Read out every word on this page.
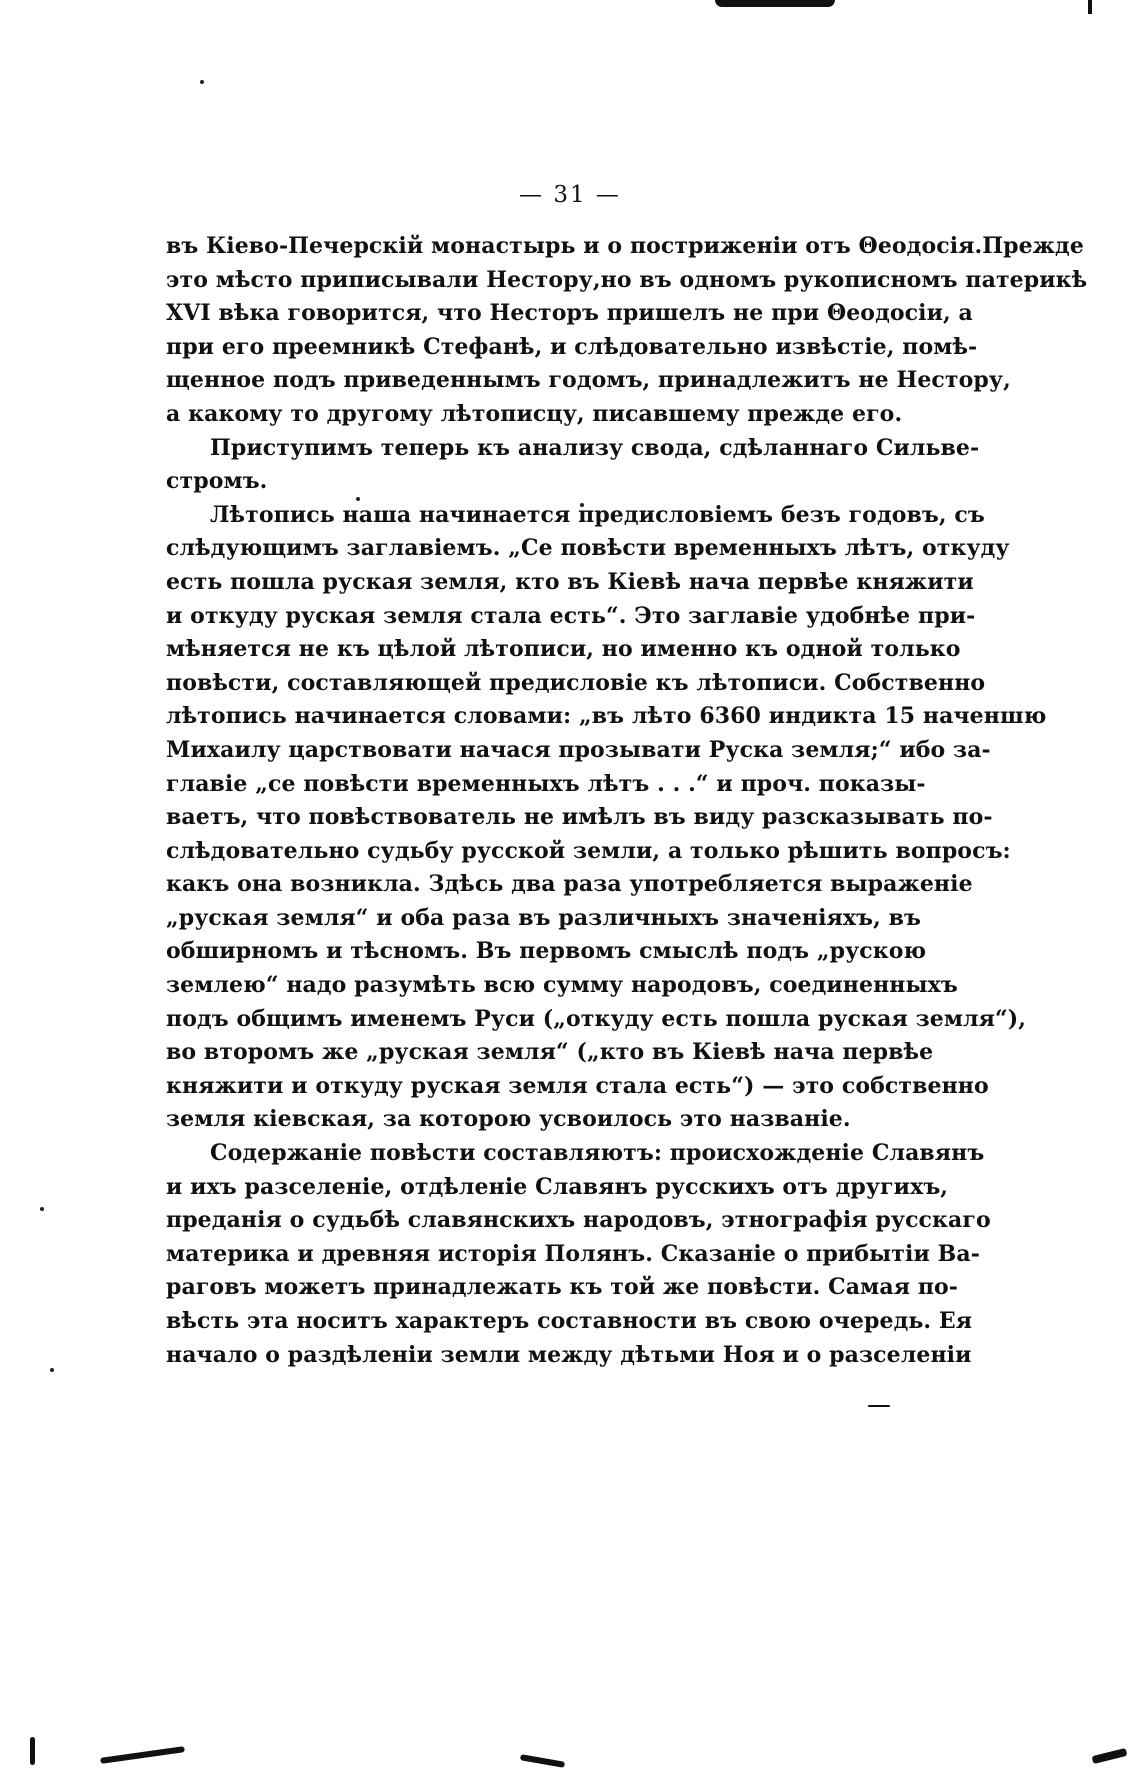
— 31 —
въ Кіево-Печерскій монастырь и о постриженіи отъ Θеодосія.Прежде
это мѣсто приписывали Нестору,но въ одномъ рукописномъ патерикѣ
XVI вѣка говорится, что Несторъ пришелъ не при Θеодосіи, а
при его преемникѣ Стефанѣ, и слѣдовательно извѣстіе, помѣ-
щенное подъ приведеннымъ годомъ, принадлежитъ не Нестору,
а какому то другому лѣтописцу, писавшему прежде его.
Приступимъ теперь къ анализу свода, сдѣланнаго Сильве-
стромъ.
Лѣтопись наша начинается предисловіемъ безъ годовъ, съ
слѣдующимъ заглавіемъ. „Се повѣсти временныхъ лѣтъ, откуду
есть пошла руская земля, кто въ Кіевѣ нача первѣе княжити
и откуду руская земля стала есть“. Это заглавіе удобнѣе при-
мѣняется не къ цѣлой лѣтописи, но именно къ одной только
повѣсти, составляющей предисловіе къ лѣтописи. Собственно
лѣтопись начинается словами: „въ лѣто 6360 индикта 15 наченшю
Михаилу царствовати начася прозывати Руска земля;“ ибо за-
главіе „се повѣсти временныхъ лѣтъ . . .“ и проч. показы-
ваетъ, что повѣствователь не имѣлъ въ виду разсказывать по-
слѣдовательно судьбу русской земли, а только рѣшить вопросъ:
какъ она возникла. Здѣсь два раза употребляется выраженіе
„руская земля“ и оба раза въ различныхъ значеніяхъ, въ
обширномъ и тѣсномъ. Въ первомъ смыслѣ подъ „рускою
землею“ надо разумѣть всю сумму народовъ, соединенныхъ
подъ общимъ именемъ Руси („откуду есть пошла руская земля“),
во второмъ же „руская земля“ („кто въ Кіевѣ нача первѣе
княжити и откуду руская земля стала есть“) — это собственно
земля кіевская, за которою усвоилось это названіе.
Содержаніе повѣсти составляютъ: происхожденіе Славянъ
и ихъ разселеніе, отдѣленіе Славянъ русскихъ отъ другихъ,
преданія о судьбѣ славянскихъ народовъ, этнографія русскаго
материка и древняя исторія Полянъ. Сказаніе о прибытіи Ва-
раговъ можетъ принадлежать къ той же повѣсти. Самая по-
вѣсть эта носитъ характеръ составности въ свою очередь. Ея
начало о раздѣленіи земли между дѣтьми Ноя и о разселеніи
